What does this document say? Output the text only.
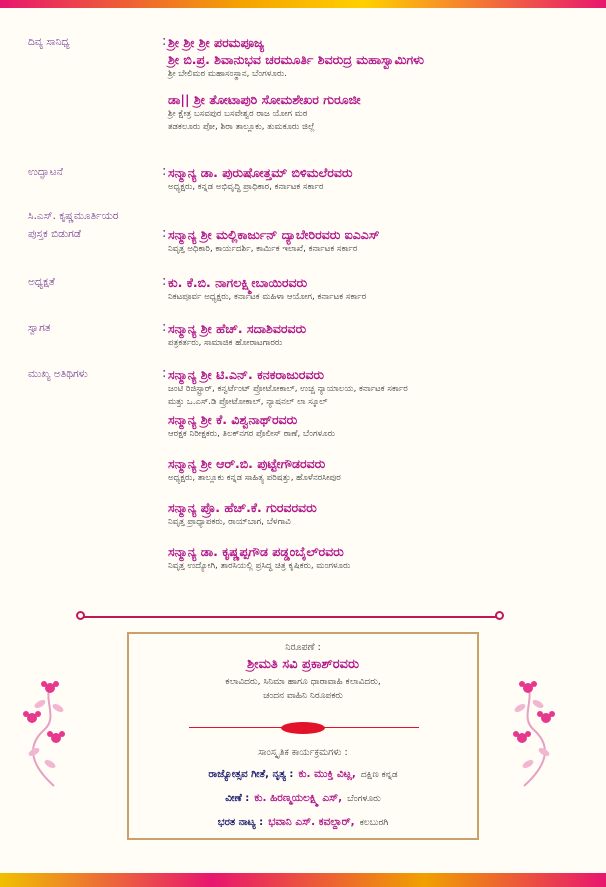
ದಿವ್ಯ ಸಾನಿಧ್ಯ	: ಶ್ರೀ ಶ್ರೀ ಶ್ರೀ ಪರಮಪೂಜ್ಯ
ಶ್ರೀ ಬಿ.ಪ್ರ. ಶಿವಾನುಭವ ಚರಮೂರ್ತಿ ಶಿವರುದ್ರ ಮಹಾಸ್ವಾಮಿಗಳು
ಶ್ರೀ ಬೇಲಿಮಠ ಮಹಾಸಂಸ್ಥಾನ, ಬೆಂಗಳೂರು.
ಡಾ|| ಶ್ರೀ ತೋಟಾಪುರಿ ಸೋಮಶೇಖರ ಗುರೂಜೀ
ಶ್ರೀ ಕ್ಷೇತ್ರ ಬಸವಪುರ ಬಸವೇಶ್ವರ ರಾಜ ಯೋಗ ಮಠ
ತಡಕಲೂರು ಪೋ, ಶಿರಾ ತಾಲ್ಲೂಕು, ತುಮಕೂರು ಜಿಲ್ಲೆ
ಉದ್ಘಾಟನೆ	: ಸನ್ಮಾನ್ಯ ಡಾ. ಪುರುಷೋತ್ತಮ್ ಬಿಳಿಮಲೆರವರು
ಅಧ್ಯಕ್ಷರು, ಕನ್ನಡ ಅಭಿವೃದ್ಧಿ ಪ್ರಾಧಿಕಾರ, ಕರ್ನಾಟಕ ಸರ್ಕಾರ
ಸಿ.ಎಸ್. ಕೃಷ್ಣಮೂರ್ತಿಯರ
ಪುಸ್ತಕ ಬಿಡುಗಡೆ	: ಸನ್ಮಾನ್ಯ ಶ್ರೀ ಮಲ್ಲಿಕಾರ್ಜುನ್ ದ್ಯಾಬೇರಿರವರು ಐಎಎಸ್
ನಿವೃತ್ತ ಅಧಿಕಾರಿ, ಕಾರ್ಯದರ್ಶಿ, ಕಾರ್ಮಿಕ ಇಲಾಖೆ, ಕರ್ನಾಟಕ ಸರ್ಕಾರ
ಅಧ್ಯಕ್ಷತೆ	: ಕು. ಕೆ.ಬಿ. ನಾಗಲಕ್ಷ್ಮೀಬಾಯಿರವರು
ನಿಕಟಪೂರ್ವ ಅಧ್ಯಕ್ಷರು, ಕರ್ನಾಟಕ ಮಹಿಳಾ ಆಯೋಗ, ಕರ್ನಾಟಕ ಸರ್ಕಾರ
ಸ್ವಾಗತ	: ಸನ್ಮಾನ್ಯ ಶ್ರೀ ಹೆಚ್. ಸದಾಶಿವರವರು
ಪತ್ರಕರ್ತರು, ಸಾಮಾಜಿಕ ಹೋರಾಟಗಾರರು
ಮುಖ್ಯ ಅತಿಥಿಗಳು	: ಸನ್ಮಾನ್ಯ ಶ್ರೀ ಟಿ.ಎನ್. ಕನಕರಾಜುರವರು
ಜಂಟಿ ರಿಜಿಸ್ಟ್ರಾರ್, ಕನ್ವರ್ಟೆಂಟ್ ಪ್ರೋಟೋಕಾಲ್, ಉಚ್ಚ ನ್ಯಾಯಾಲಯ, ಕರ್ನಾಟಕ ಸರ್ಕಾರ
ಮತ್ತು ಒ.ಎಸ್.ಡಿ ಪ್ರೋಟೋಕಾಲ್, ನ್ಯಾಷನಲ್ ಲಾ ಸ್ಕೂಲ್
ಸನ್ಮಾನ್ಯ ಶ್ರೀ ಕೆ. ವಿಶ್ವನಾಥ್‌ರವರು
ಆರಕ್ಷಕ ನಿರೀಕ್ಷಕರು, ತಿಲಕ್‌ನಗರ ಪೊಲೀಸ್ ಠಾಣೆ, ಬೆಂಗಳೂರು
ಸನ್ಮಾನ್ಯ ಶ್ರೀ ಆರ್.ಬಿ. ಪುಟ್ಟೇಗೌಡರವರು
ಅಧ್ಯಕ್ಷರು, ತಾಲ್ಲೂಕು ಕನ್ನಡ ಸಾಹಿತ್ಯ ಪರಿಷತ್ತು, ಹೊಳೆನರಸೀಪುರ
ಸನ್ಮಾನ್ಯ ಪ್ರೊ. ಹೆಚ್.ಕೆ. ಗುರವರವರು
ನಿವೃತ್ತ ಪ್ರಾಧ್ಯಾಪಕರು, ರಾಯ್‌ಬಾಗ, ಬೆಳಗಾವಿ
ಸನ್ಮಾನ್ಯ ಡಾ. ಕೃಷ್ಣಪ್ಪಗೌಡ ಪಡ್ಡಂಬೈಲ್‌ರವರು
ನಿವೃತ್ತ ಉದ್ಯೋಗಿ, ತಾರಸಿಯಲ್ಲಿ ಪ್ರಸಿದ್ಧ ಚಿತ್ರ ಕೃಷಿಕರು, ಮಂಗಳೂರು
ನಿರೂಪಣೆ :
ಶ್ರೀಮತಿ ಸವಿ ಪ್ರಕಾಶ್‌ರವರು
ಕಲಾವಿದರು, ಸಿನಿಮಾ ಹಾಗೂ ಧಾರಾವಾಹಿ ಕಲಾವಿದರು,
ಚಂದನ ವಾಹಿನಿ ನಿರೂಪಕರು
ಸಾಂಸ್ಕೃತಿಕ ಕಾರ್ಯಕ್ರಮಗಳು :
ರಾಜ್ಯೋತ್ಸವ ಗೀತೆ, ನೃತ್ಯ : ಕು. ಮುಕ್ತಿ ವಿಟ್ಲ, ದಕ್ಷಿಣ ಕನ್ನಡ
ವೀಣೆ : ಕು. ಹಿರಣ್ಮಯಲಕ್ಷ್ಮಿ ಎಸ್, ಬೆಂಗಳೂರು
ಭರತ ನಾಟ್ಯ : ಭವಾನಿ ಎಸ್. ಕವಲ್ದಾರ್, ಕಲಬುರಗಿ
